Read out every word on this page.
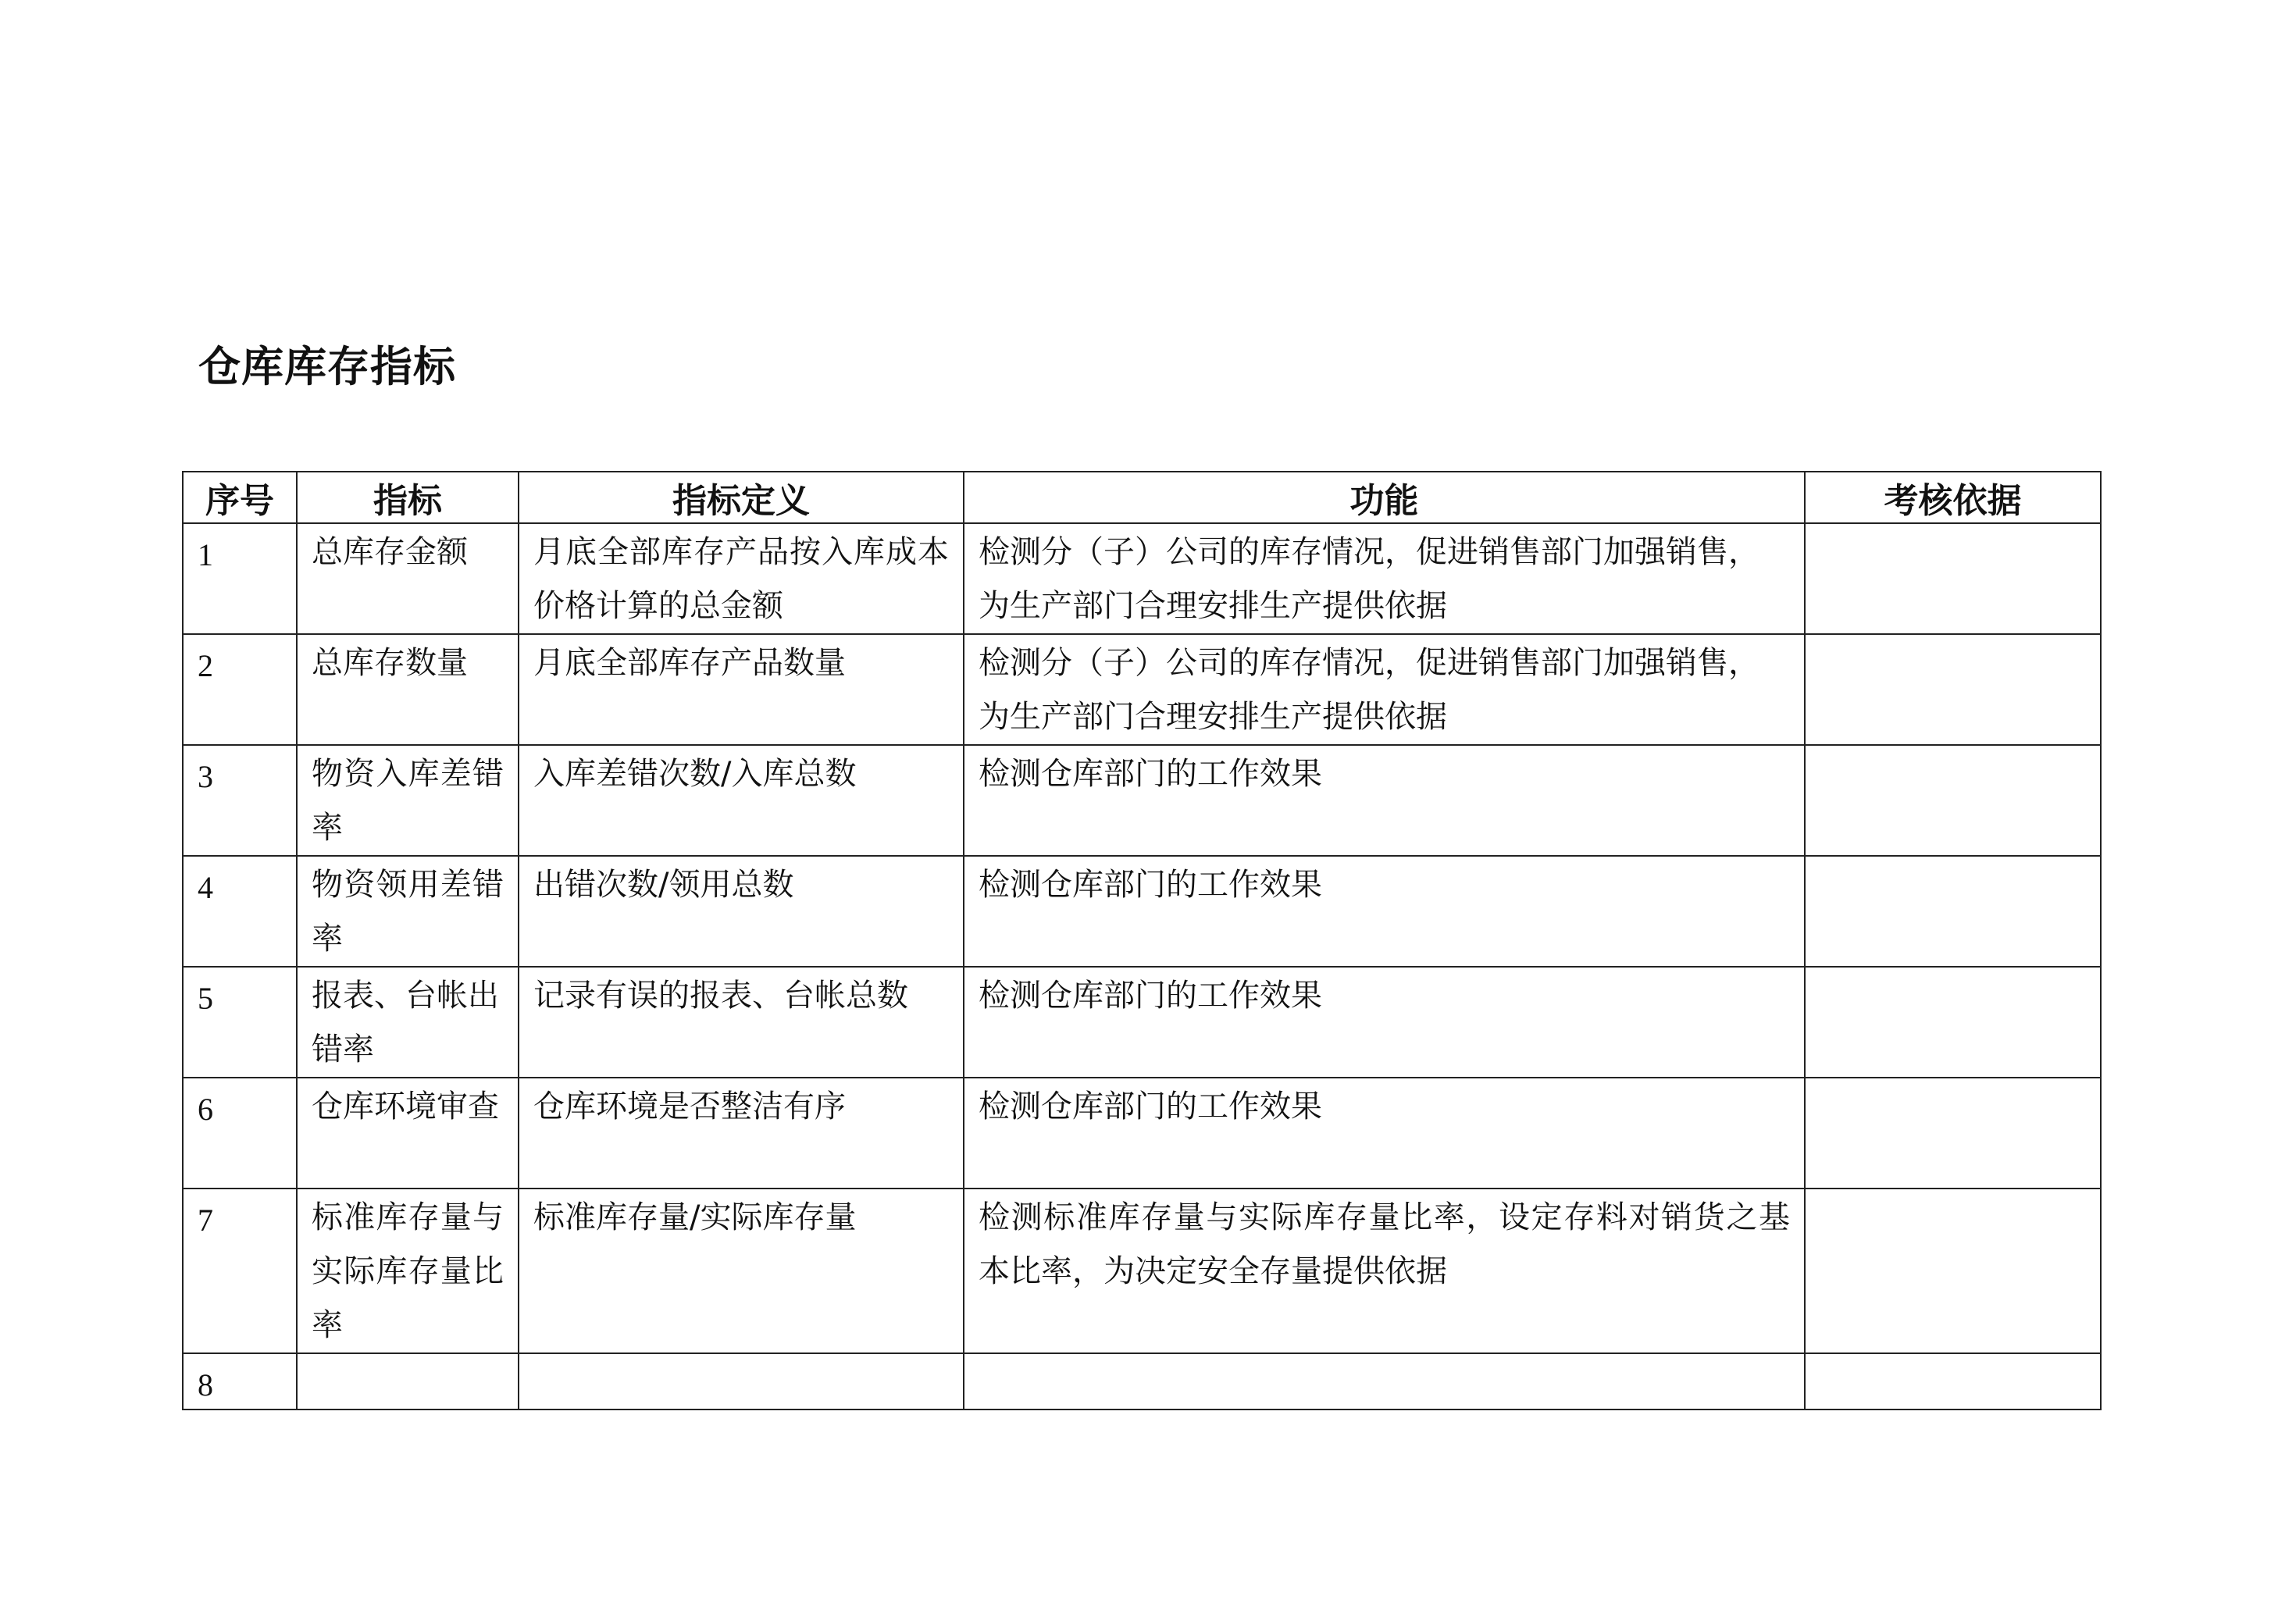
仓库库存指标
序号	指标	指标定义	功能	考核依据
1	总库存金额	月底全部库存产品按入库成本价格计算的总金额	检测分（子）公司的库存情况，促进销售部门加强销售，为生产部门合理安排生产提供依据	
2	总库存数量	月底全部库存产品数量	检测分（子）公司的库存情况，促进销售部门加强销售，为生产部门合理安排生产提供依据	
3	物资入库差错率	入库差错次数/入库总数	检测仓库部门的工作效果	
4	物资领用差错率	出错次数/领用总数	检测仓库部门的工作效果	
5	报表、台帐出错率	记录有误的报表、台帐总数	检测仓库部门的工作效果	
6	仓库环境审查	仓库环境是否整洁有序	检测仓库部门的工作效果	
7	标准库存量与实际库存量比率	标准库存量/实际库存量	检测标准库存量与实际库存量比率，设定存料对销货之基本比率，为决定安全存量提供依据	
8				
